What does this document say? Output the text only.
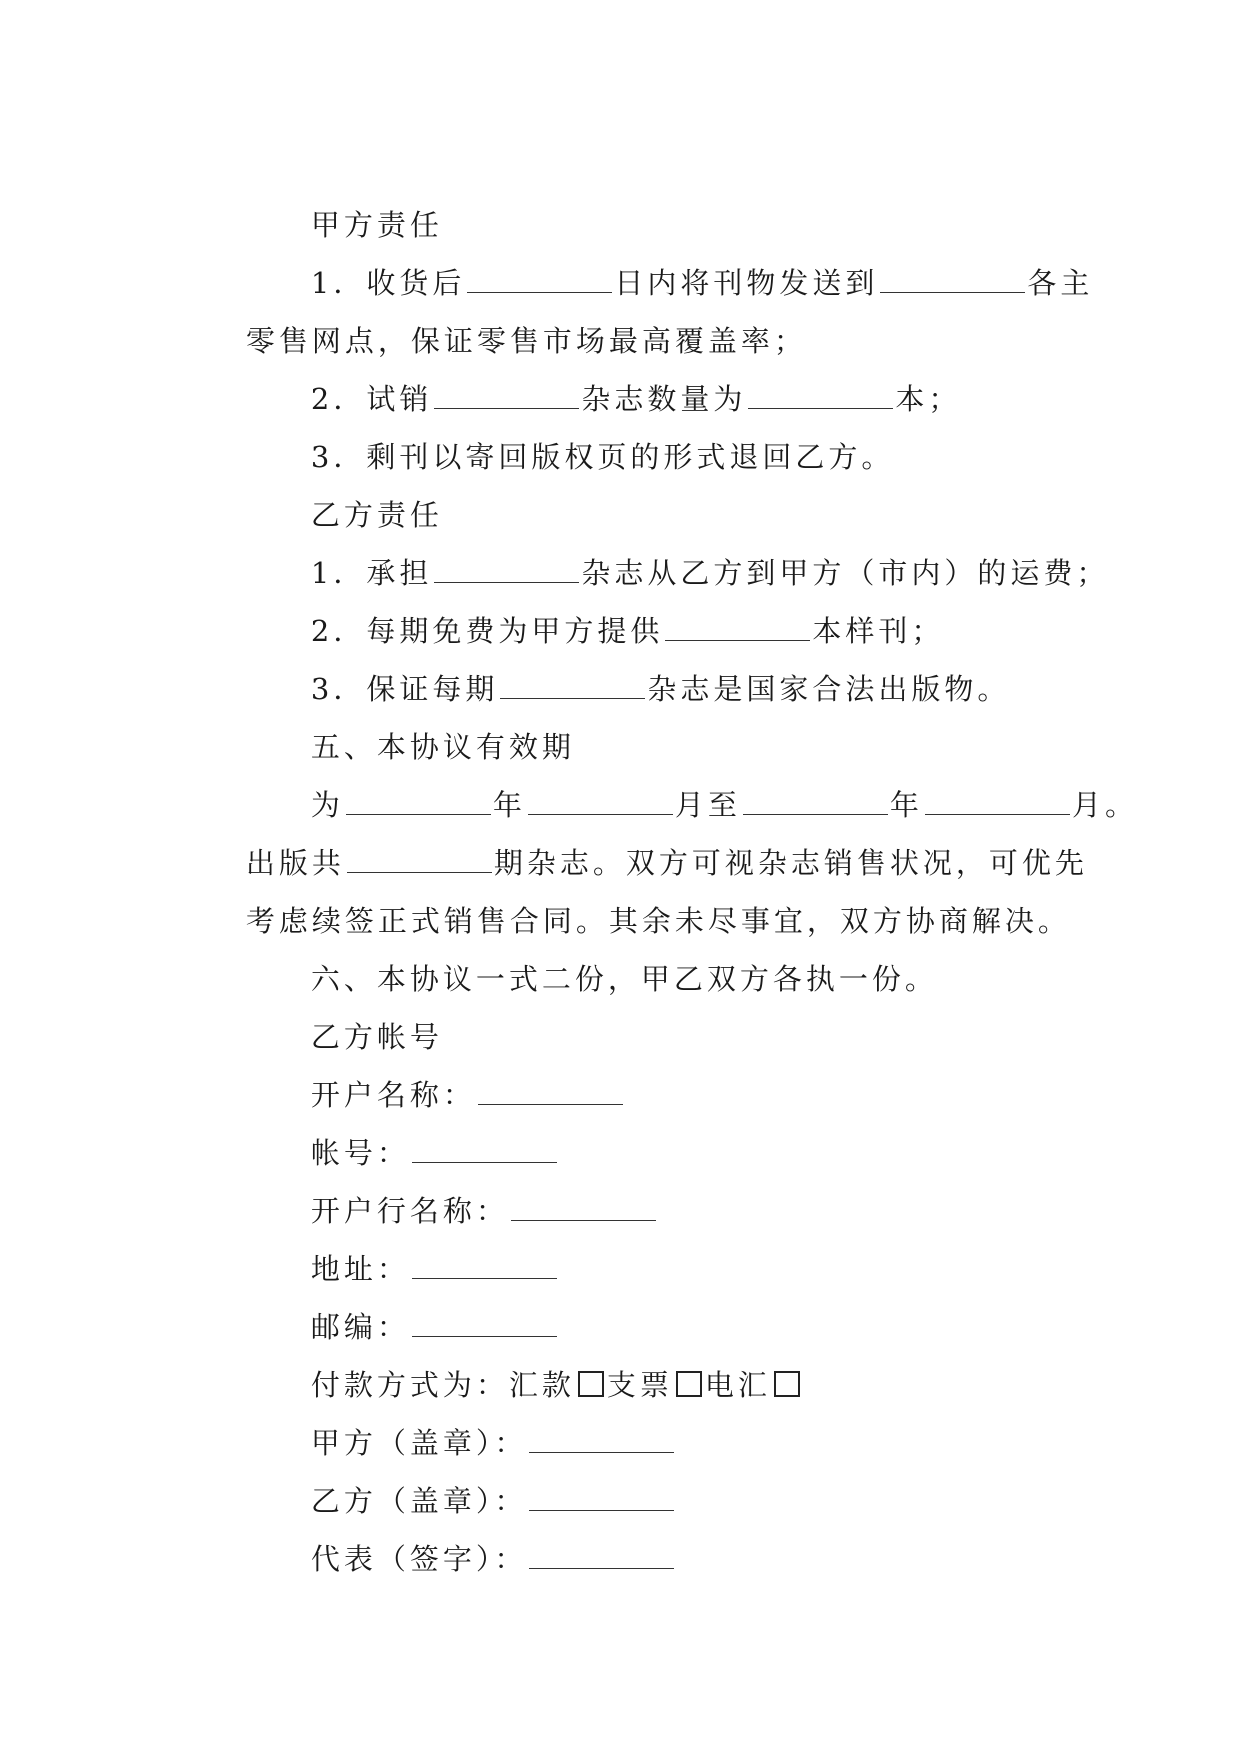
甲方责任

1．收货后	日内将刊物发送到	各主

零售网点，保证零售市场最高覆盖率；

2．试销	杂志数量为	本；

3．剩刊以寄回版权页的形式退回乙方。

乙方责任

1．承担	杂志从乙方到甲方（市内）的运费；

2．每期免费为甲方提供	本样刊；

3．保证每期	杂志是国家合法出版物。

五、本协议有效期

为	年	月至	年	月。

出版共	期杂志。双方可视杂志销售状况，可优先

考虑续签正式销售合同。其余未尽事宜，双方协商解决。

六、本协议一式二份，甲乙双方各执一份。

乙方帐号

开户名称：

帐号：

开户行名称：

地址：

邮编：

付款方式为：汇款 支票 电汇

甲方（盖章）：

乙方（盖章）：

代表（签字）：
